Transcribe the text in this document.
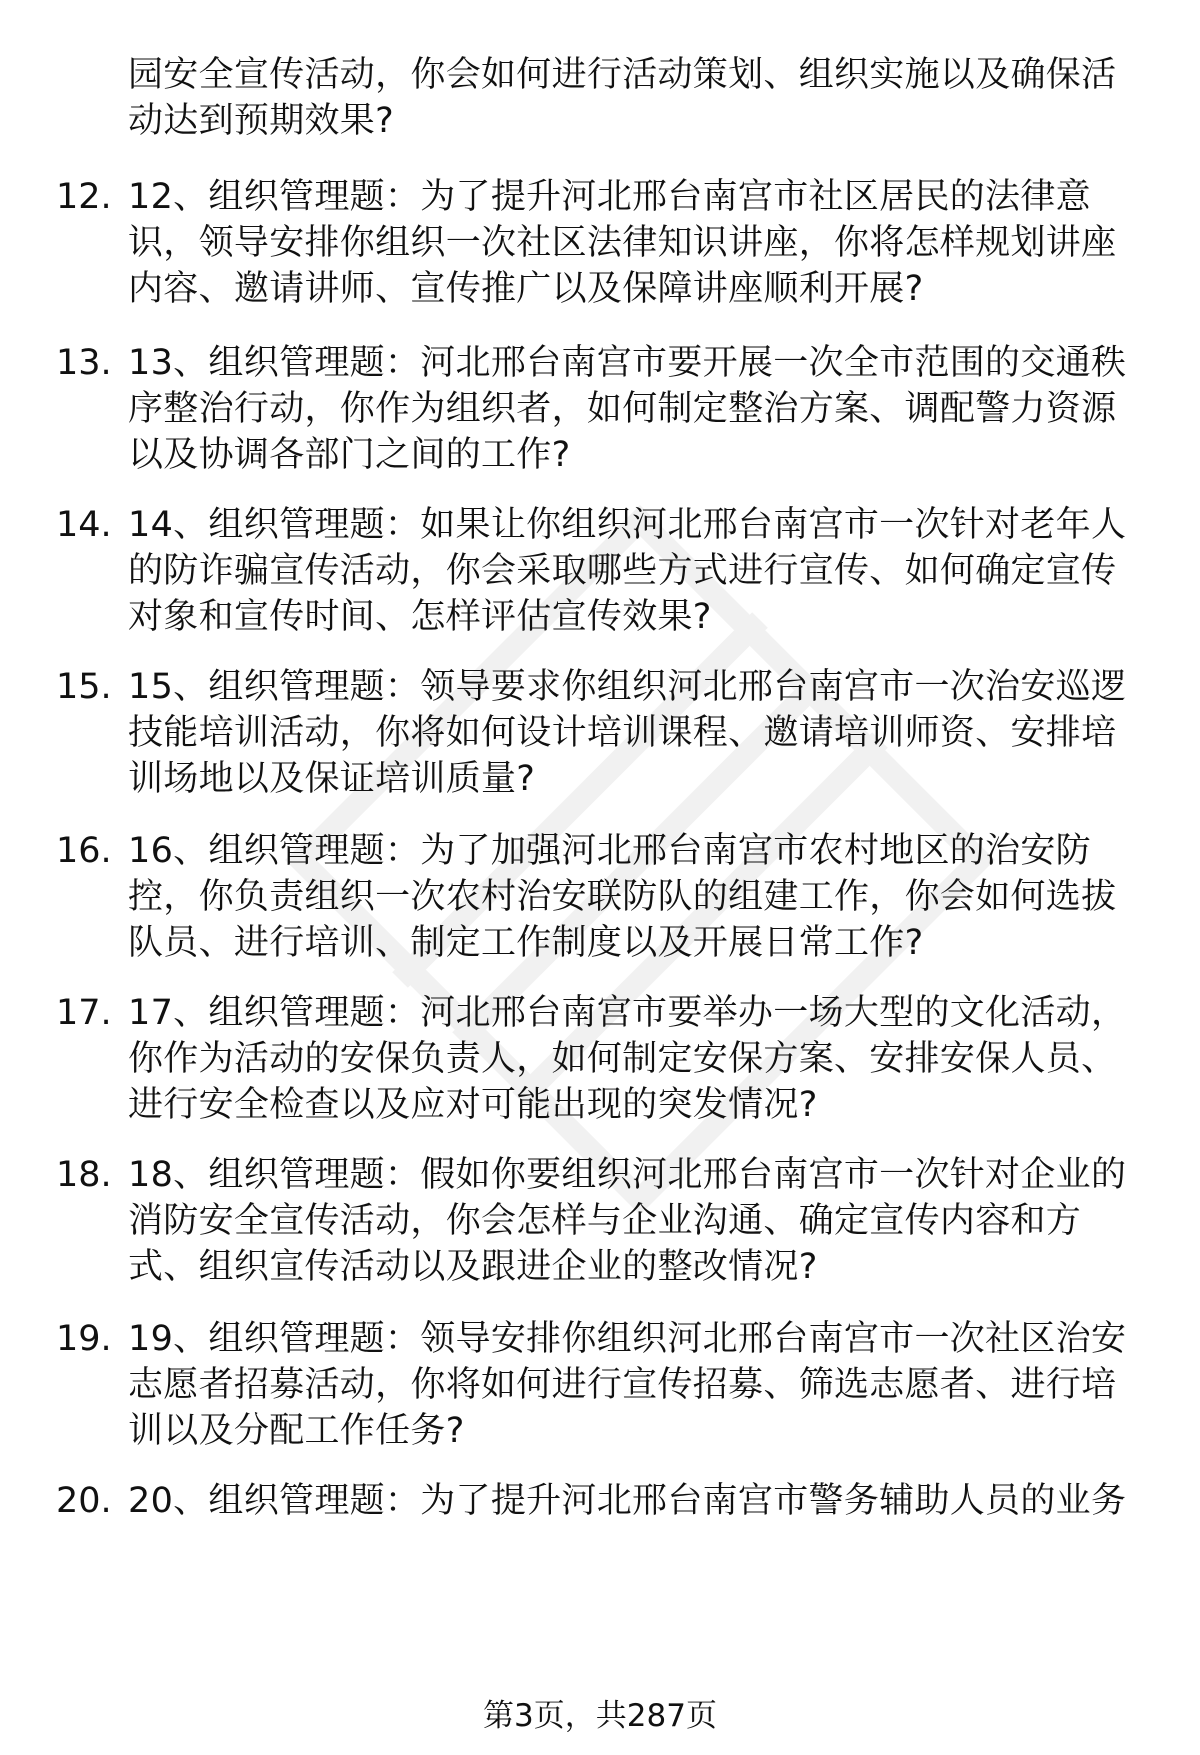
园安全宣传活动，你会如何进行活动策划、组织实施以及确保活动达到预期效果?
12. 12、组织管理题：为了提升河北邢台南宫市社区居民的法律意识，领导安排你组织一次社区法律知识讲座，你将怎样规划讲座内容、邀请讲师、宣传推广以及保障讲座顺利开展?
13. 13、组织管理题：河北邢台南宫市要开展一次全市范围的交通秩序整治行动，你作为组织者，如何制定整治方案、调配警力资源以及协调各部门之间的工作?
14. 14、组织管理题：如果让你组织河北邢台南宫市一次针对老年人的防诈骗宣传活动，你会采取哪些方式进行宣传、如何确定宣传对象和宣传时间、怎样评估宣传效果?
15. 15、组织管理题：领导要求你组织河北邢台南宫市一次治安巡逻技能培训活动，你将如何设计培训课程、邀请培训师资、安排培训场地以及保证培训质量?
16. 16、组织管理题：为了加强河北邢台南宫市农村地区的治安防控，你负责组织一次农村治安联防队的组建工作，你会如何选拔队员、进行培训、制定工作制度以及开展日常工作?
17. 17、组织管理题：河北邢台南宫市要举办一场大型的文化活动，你作为活动的安保负责人，如何制定安保方案、安排安保人员、进行安全检查以及应对可能出现的突发情况?
18. 18、组织管理题：假如你要组织河北邢台南宫市一次针对企业的消防安全宣传活动，你会怎样与企业沟通、确定宣传内容和方式、组织宣传活动以及跟进企业的整改情况?
19. 19、组织管理题：领导安排你组织河北邢台南宫市一次社区治安志愿者招募活动，你将如何进行宣传招募、筛选志愿者、进行培训以及分配工作任务?
20. 20、组织管理题：为了提升河北邢台南宫市警务辅助人员的业务
第3页，共287页
